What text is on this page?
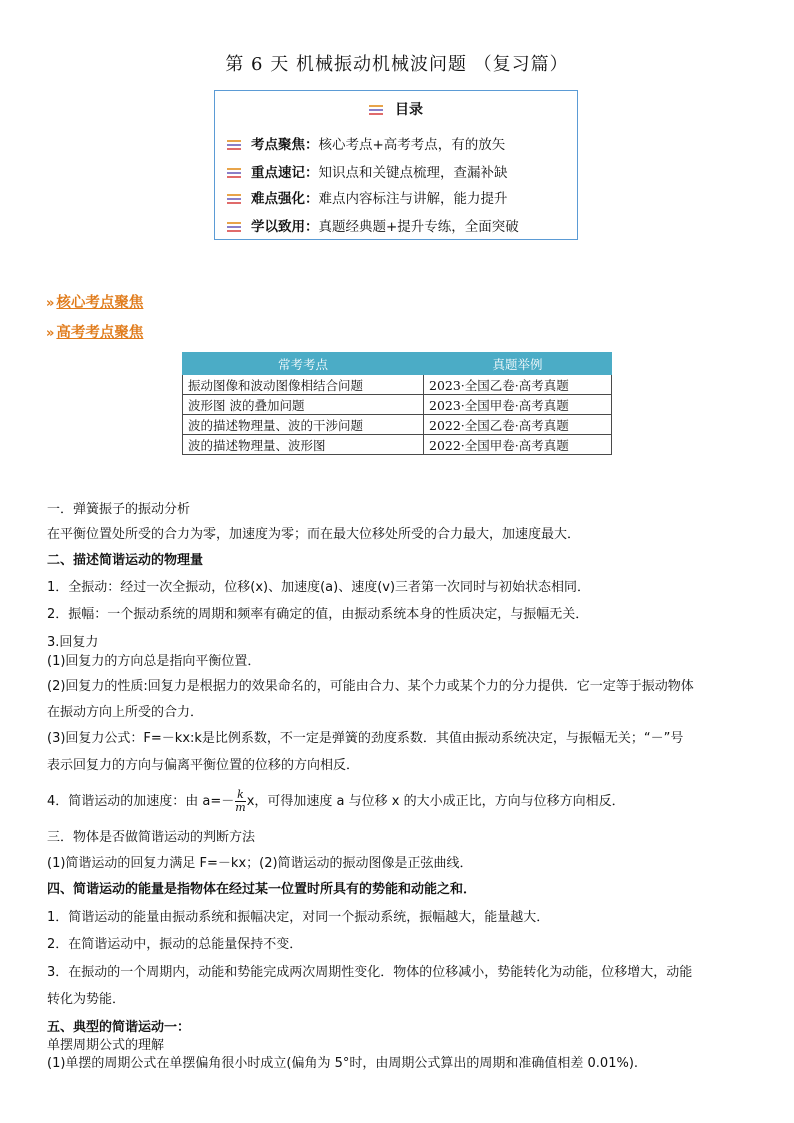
第 6 天 机械振动机械波问题 （复习篇）
目录
考点聚焦：核心考点+高考考点，有的放矢
重点速记：知识点和关键点梳理，查漏补缺
难点强化：难点内容标注与讲解，能力提升
学以致用：真题经典题+提升专练，全面突破
» 核心考点聚焦
» 高考考点聚焦
常考考点	真题举例
振动图像和波动图像相结合问题	2023·全国乙卷·高考真题
波形图 波的叠加问题	2023·全国甲卷·高考真题
波的描述物理量、波的干涉问题	2022·全国乙卷·高考真题
波的描述物理量、波形图	2022·全国甲卷·高考真题
一．弹簧振子的振动分析
在平衡位置处所受的合力为零，加速度为零；而在最大位移处所受的合力最大，加速度最大．
二、描述简谐运动的物理量
1．全振动：经过一次全振动，位移(x)、加速度(a)、速度(v)三者第一次同时与初始状态相同．
2．振幅：一个振动系统的周期和频率有确定的值，由振动系统本身的性质决定，与振幅无关．
3.回复力
(1)回复力的方向总是指向平衡位置．
(2)回复力的性质:回复力是根据力的效果命名的，可能由合力、某个力或某个力的分力提供．它一定等于振动物体
在振动方向上所受的合力．
(3)回复力公式：F=－kx:k是比例系数，不一定是弹簧的劲度系数．其值由振动系统决定，与振幅无关；“－”号
表示回复力的方向与偏离平衡位置的位移的方向相反．
4．简谐运动的加速度：由 $a=- \frac{k}{m}$ x，可得加速度 a 与位移 x 的大小成正比，方向与位移方向相反．
三．物体是否做简谐运动的判断方法
(1)简谐运动的回复力满足 F=－kx；(2)简谐运动的振动图像是正弦曲线．
四、简谐运动的能量是指物体在经过某一位置时所具有的势能和动能之和．
1．简谐运动的能量由振动系统和振幅决定，对同一个振动系统，振幅越大，能量越大．
2．在简谐运动中，振动的总能量保持不变．
3．在振动的一个周期内，动能和势能完成两次周期性变化．物体的位移减小，势能转化为动能，位移增大，动能
转化为势能．
五、典型的简谐运动一：
单摆周期公式的理解
(1)单摆的周期公式在单摆偏角很小时成立(偏角为 5°时，由周期公式算出的周期和准确值相差 0.01%).
